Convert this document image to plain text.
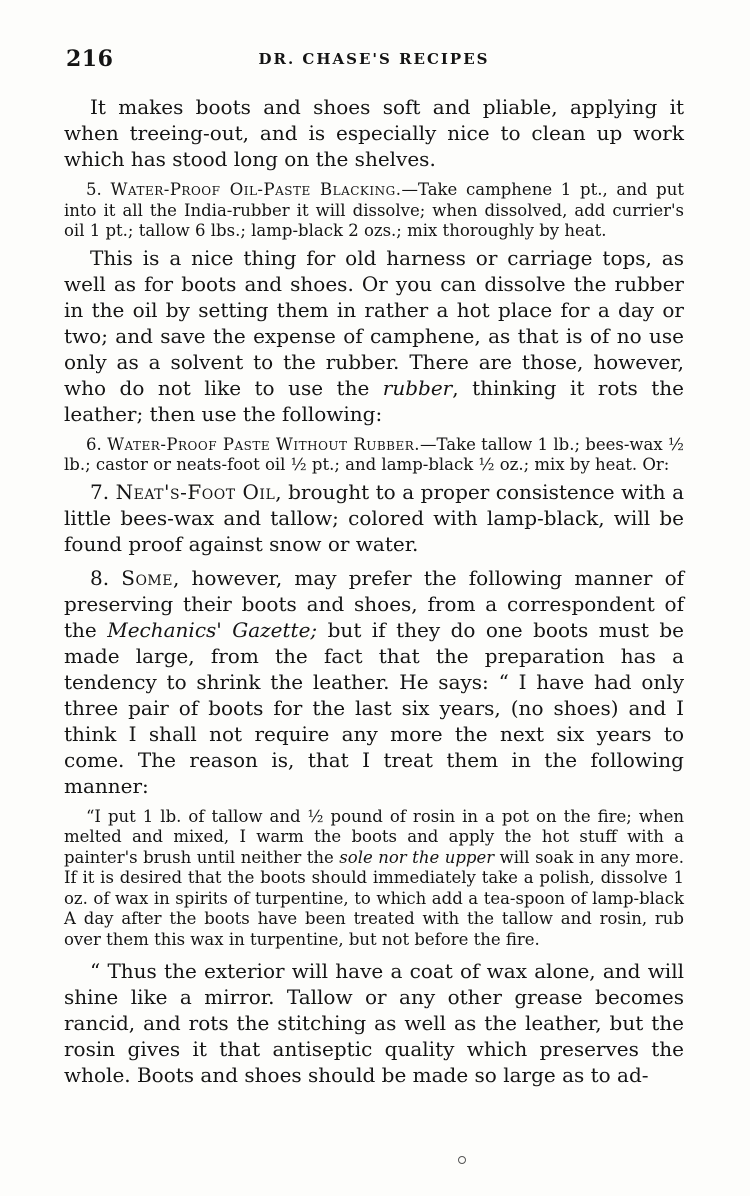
216	DR. CHASE'S RECIPES

It makes boots and shoes soft and pliable, applying it when treeing-out, and is especially nice to clean up work which has stood long on the shelves.

5. Water-Proof Oil-Paste Blacking.—Take camphene 1 pt., and put into it all the India-rubber it will dissolve; when dissolved, add currier's oil 1 pt.; tallow 6 lbs.; lamp-black 2 ozs.; mix thoroughly by heat.

This is a nice thing for old harness or carriage tops, as well as for boots and shoes. Or you can dissolve the rubber in the oil by setting them in rather a hot place for a day or two; and save the expense of camphene, as that is of no use only as a solvent to the rubber. There are those, however, who do not like to use the rubber, thinking it rots the leather; then use the following:

6. Water-Proof Paste Without Rubber.—Take tallow 1 lb.; bees-wax ½ lb.; castor or neats-foot oil ½ pt.; and lamp-black ½ oz.; mix by heat. Or:

7. Neat's-Foot Oil, brought to a proper consistence with a little bees-wax and tallow; colored with lamp-black, will be found proof against snow or water.

8. Some, however, may prefer the following manner of preserving their boots and shoes, from a correspondent of the Mechanics' Gazette; but if they do one boots must be made large, from the fact that the preparation has a tendency to shrink the leather. He says: “ I have had only three pair of boots for the last six years, (no shoes) and I think I shall not require any more the next six years to come. The reason is, that I treat them in the following manner:

“I put 1 lb. of tallow and ½ pound of rosin in a pot on the fire; when melted and mixed, I warm the boots and apply the hot stuff with a painter's brush until neither the sole nor the upper will soak in any more. If it is desired that the boots should immediately take a polish, dissolve 1 oz. of wax in spirits of turpentine, to which add a tea-spoon of lamp-black A day after the boots have been treated with the tallow and rosin, rub over them this wax in turpentine, but not before the fire.

“ Thus the exterior will have a coat of wax alone, and will shine like a mirror. Tallow or any other grease becomes rancid, and rots the stitching as well as the leather, but the rosin gives it that antiseptic quality which preserves the whole. Boots and shoes should be made so large as to ad-
